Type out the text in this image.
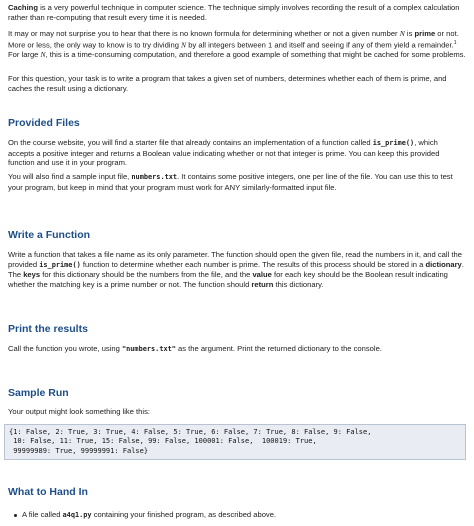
Caching is a very powerful technique in computer science. The technique simply involves recording the result of a complex calculation rather than re-computing that result every time it is needed.

It may or may not surprise you to hear that there is no known formula for determining whether or not a given number N is prime or not. More or less, the only way to know is to try dividing N by all integers between 1 and itself and seeing if any of them yield a remainder.$^1$ For large N, this is a time-consuming computation, and therefore a good example of something that might be cached for some problems.

For this question, your task is to write a program that takes a given set of numbers, determines whether each of them is prime, and caches the result using a dictionary.

Provided Files

On the course website, you will find a starter file that already contains an implementation of a function called is_prime(), which accepts a positive integer and returns a Boolean value indicating whether or not that integer is prime. You can keep this provided function and use it in your program.

You will also find a sample input file, numbers.txt. It contains some positive integers, one per line of the file. You can use this to test your program, but keep in mind that your program must work for ANY similarly-formatted input file.

Write a Function

Write a function that takes a file name as its only parameter. The function should open the given file, read the numbers in it, and call the provided is_prime() function to determine whether each number is prime. The results of this process should be stored in a dictionary. The keys for this dictionary should be the numbers from the file, and the value for each key should be the Boolean result indicating whether the matching key is a prime number or not. The function should return this dictionary.

Print the results

Call the function you wrote, using "numbers.txt" as the argument. Print the returned dictionary to the console.

Sample Run

Your output might look something like this:

{1: False, 2: True, 3: True, 4: False, 5: True, 6: False, 7: True, 8: False, 9: False,
10: False, 11: True, 15: False, 99: False, 100001: False,  100019: True,
99999989: True, 99999991: False}
What to Hand In
A file called a4q1.py containing your finished program, as described above.
